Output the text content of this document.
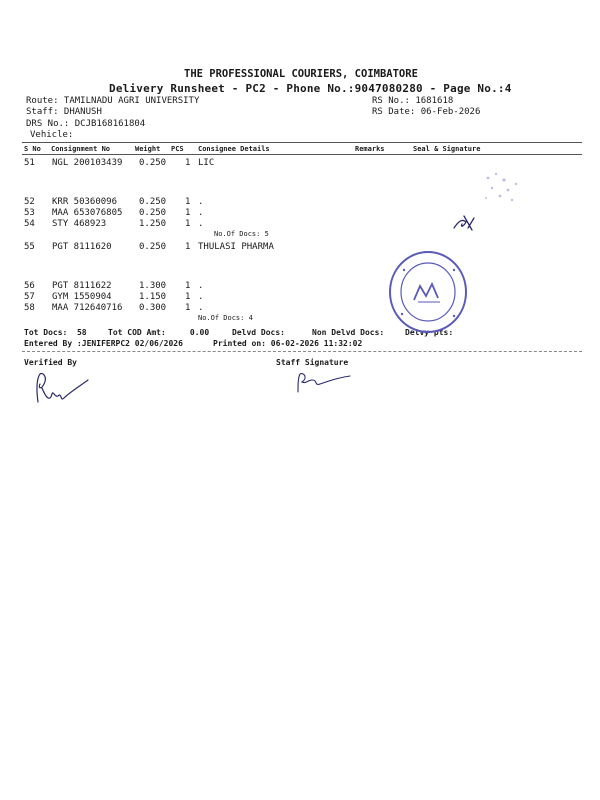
THE PROFESSIONAL COURIERS, COIMBATORE
Delivery Runsheet - PC2 - Phone No.:9047080280 - Page No.:4
Route: TAMILNADU AGRI UNIVERSITY
Staff: DHANUSH
DRS No.: DCJB168161804
Vehicle:
RS No.: 1681618
RS Date: 06-Feb-2026
S No Consignment No	Weight PCS Consignee Details	Remarks	Seal & Signature
51 NGL 200103439 0.250 1 LIC
52 KRR 50360096 0.250 1 .
53 MAA 653076805 0.250 1 .
54 STY 468923	1.250 1 .
No.Of Docs: 5
55 PGT 8111620	0.250 1 THULASI PHARMA
56 PGT 8111622	1.300 1 .
57 GYM 1550904	1.150 1 .
58 MAA 712640716 0.300 1 .
No.Of Docs: 4
Tot Docs:  58	Tot COD Amt:     0.00	Delvd Docs:	Non Delvd Docs:	Delvy pts:
Entered By :JENIFERPC2 02/06/2026	Printed on: 06-02-2026 11:32:02
Verified By	Staff Signature
